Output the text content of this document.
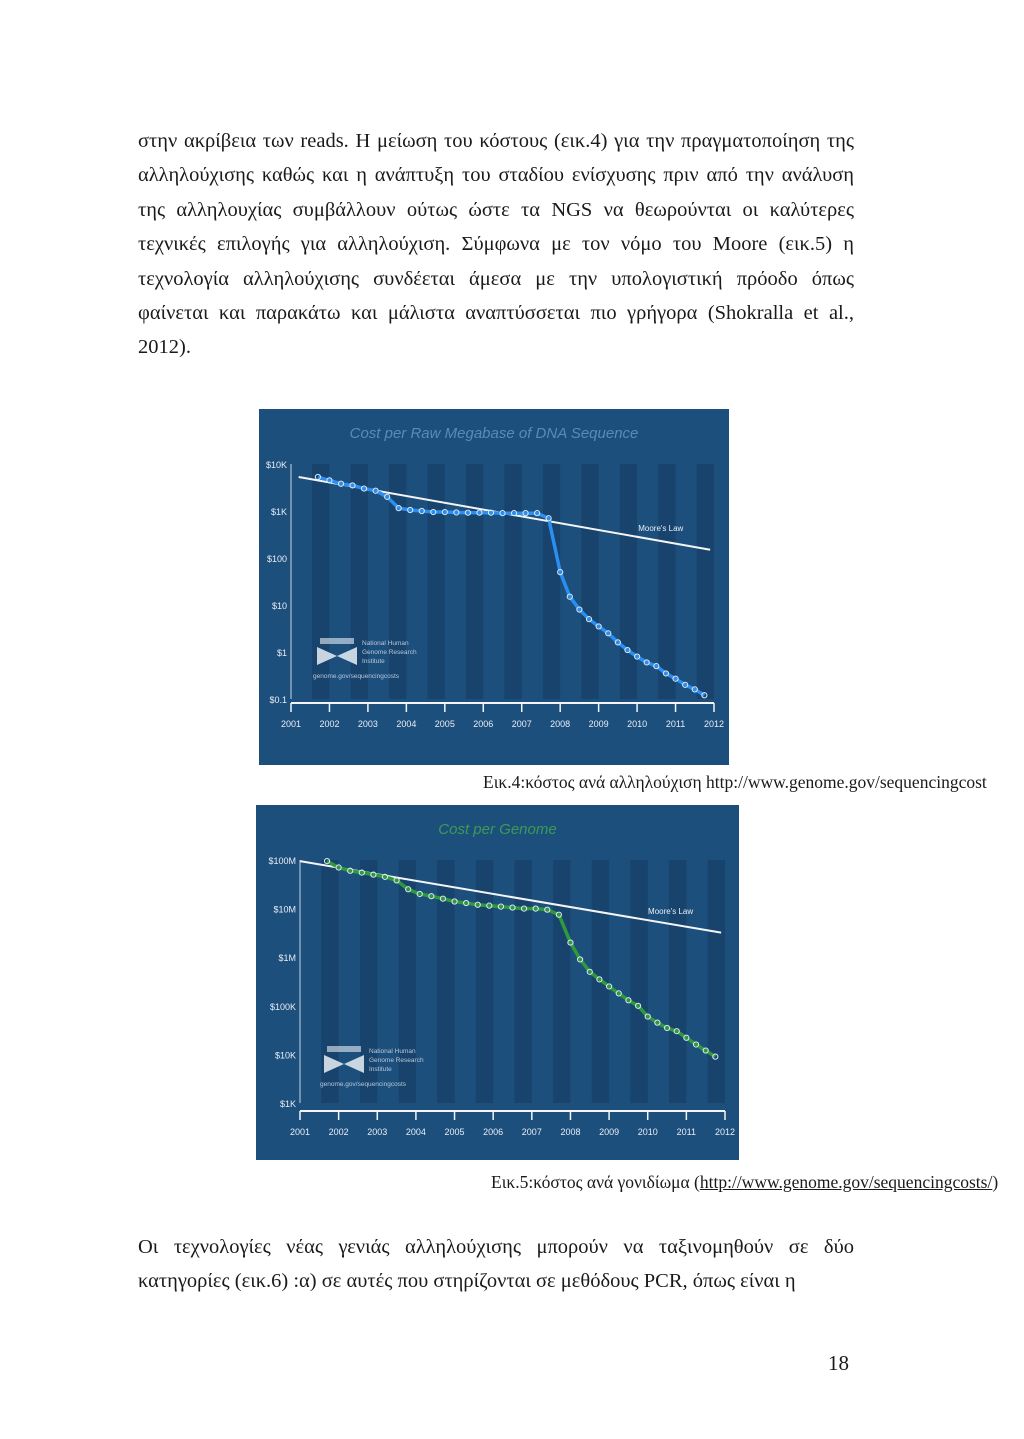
στην ακρίβεια των reads. Η μείωση του κόστους (εικ.4) για την πραγματοποίηση της αλληλούχισης καθώς και η ανάπτυξη του σταδίου ενίσχυσης πριν από την ανάλυση της αλληλουχίας συμβάλλουν ούτως ώστε τα NGS να θεωρούνται οι καλύτερες τεχνικές επιλογής για αλληλούχιση. Σύμφωνα με τον νόμο του Moore (εικ.5) η τεχνολογία αλληλούχισης συνδέεται άμεσα με την υπολογιστική πρόοδο όπως φαίνεται και παρακάτω και μάλιστα αναπτύσσεται πιο γρήγορα (Shokralla et al., 2012).

Cost per Raw Megabase of DNA Sequence
$10K
$1K
$100
$10
$1
$0.1
2001 2002 2003 2004 2005 2006 2007 2008 2009 2010 2011 2012
Moore's Law
National Human
Genome Research
Institute
genome.gov/sequencingcosts
Εικ.4:κόστος ανά αλληλούχιση http://www.genome.gov/sequencingcost
Cost per Genome
$100M
$10M
$1M
$100K
$10K
$1K
2001 2002 2003 2004 2005 2006 2007 2008 2009 2010 2011 2012
Moore's Law
National Human
Genome Research
Institute
genome.gov/sequencingcosts
Εικ.5:κόστος ανά γονιδίωμα (http://www.genome.gov/sequencingcosts/)

Οι τεχνολογίες νέας γενιάς αλληλούχισης μπορούν να ταξινομηθούν σε δύο κατηγορίες (εικ.6) :α) σε αυτές που στηρίζονται σε μεθόδους PCR, όπως είναι η

18
